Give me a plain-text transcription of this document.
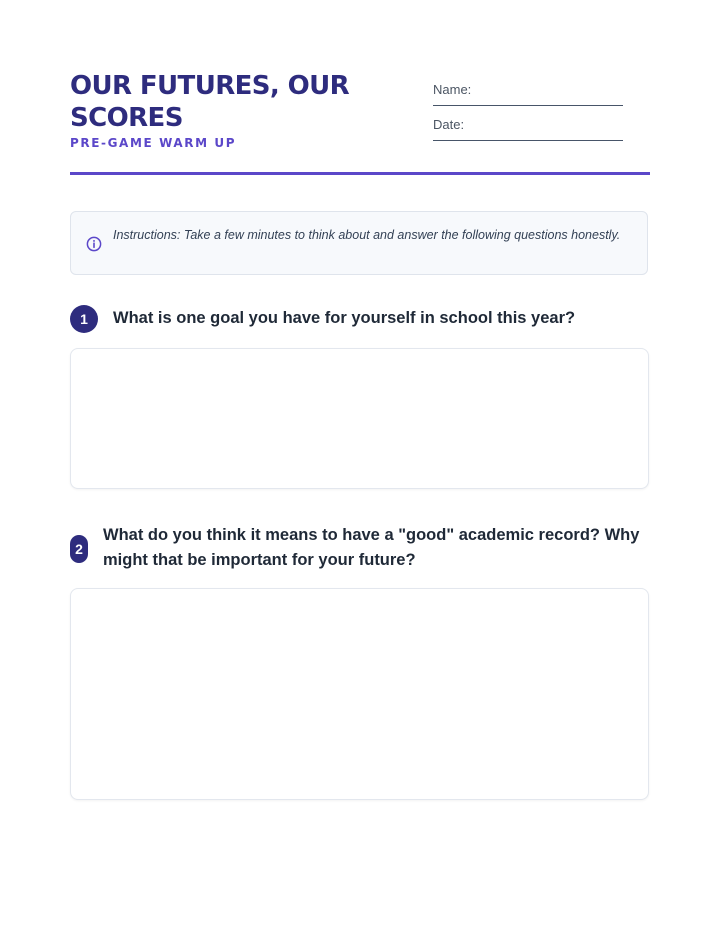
OUR FUTURES, OUR SCORES
PRE-GAME WARM UP
Name:
Date:
Instructions: Take a few minutes to think about and answer the following questions honestly.
1	What is one goal you have for yourself in school this year?
2
What do you think it means to have a "good" academic record? Why might that be important for your future?
